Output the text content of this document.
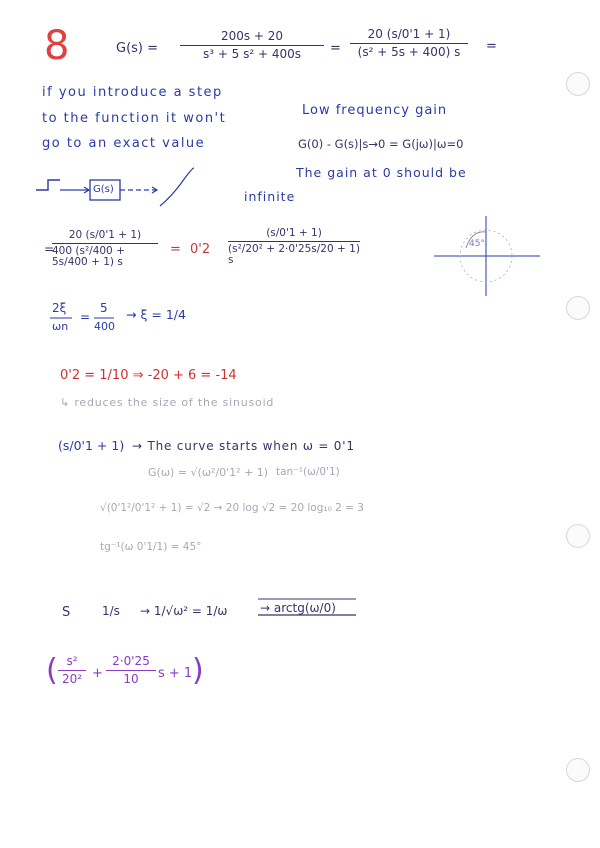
8	G(s) =
200s + 20
s³ + 5 s² + 400s =
20 (s/0'1 + 1)
(s² + 5s + 400) s =
if you introduce a step
to the function it won't
go to an exact value
Low frequency gain
G(0) - G(s)|s→0 = G(jω)|ω=0
The gain at 0 should be
infinite
45°
G(s)
=
20 (s/0'1 + 1)
400 (s²/400 + 5s/400 + 1) s
= 0'2
(s/0'1 + 1)
(s²/20² + 2·0'25s/20 + 1) s
2ξ
ωn
=
5
400
→ ξ = 1/4
0'2 = 1/10 ⇒ -20 + 6 = -14
↳ reduces the size of the sinusoid
(s/0'1 + 1) → The curve starts when ω = 0'1
G(ω) = √(ω²/0'1² + 1) tan⁻¹(ω/0'1)
√(0'1²/0'1² + 1) = √2 → 20 log √2 = 20 log₁₀ 2 = 3
tg⁻¹(ω 0'1/1) = 45°
S	1/s → 1/√ω² = 1/ω	→ arctg(ω/0)
( s²
20² +
2·0'25
10 s + 1 )
